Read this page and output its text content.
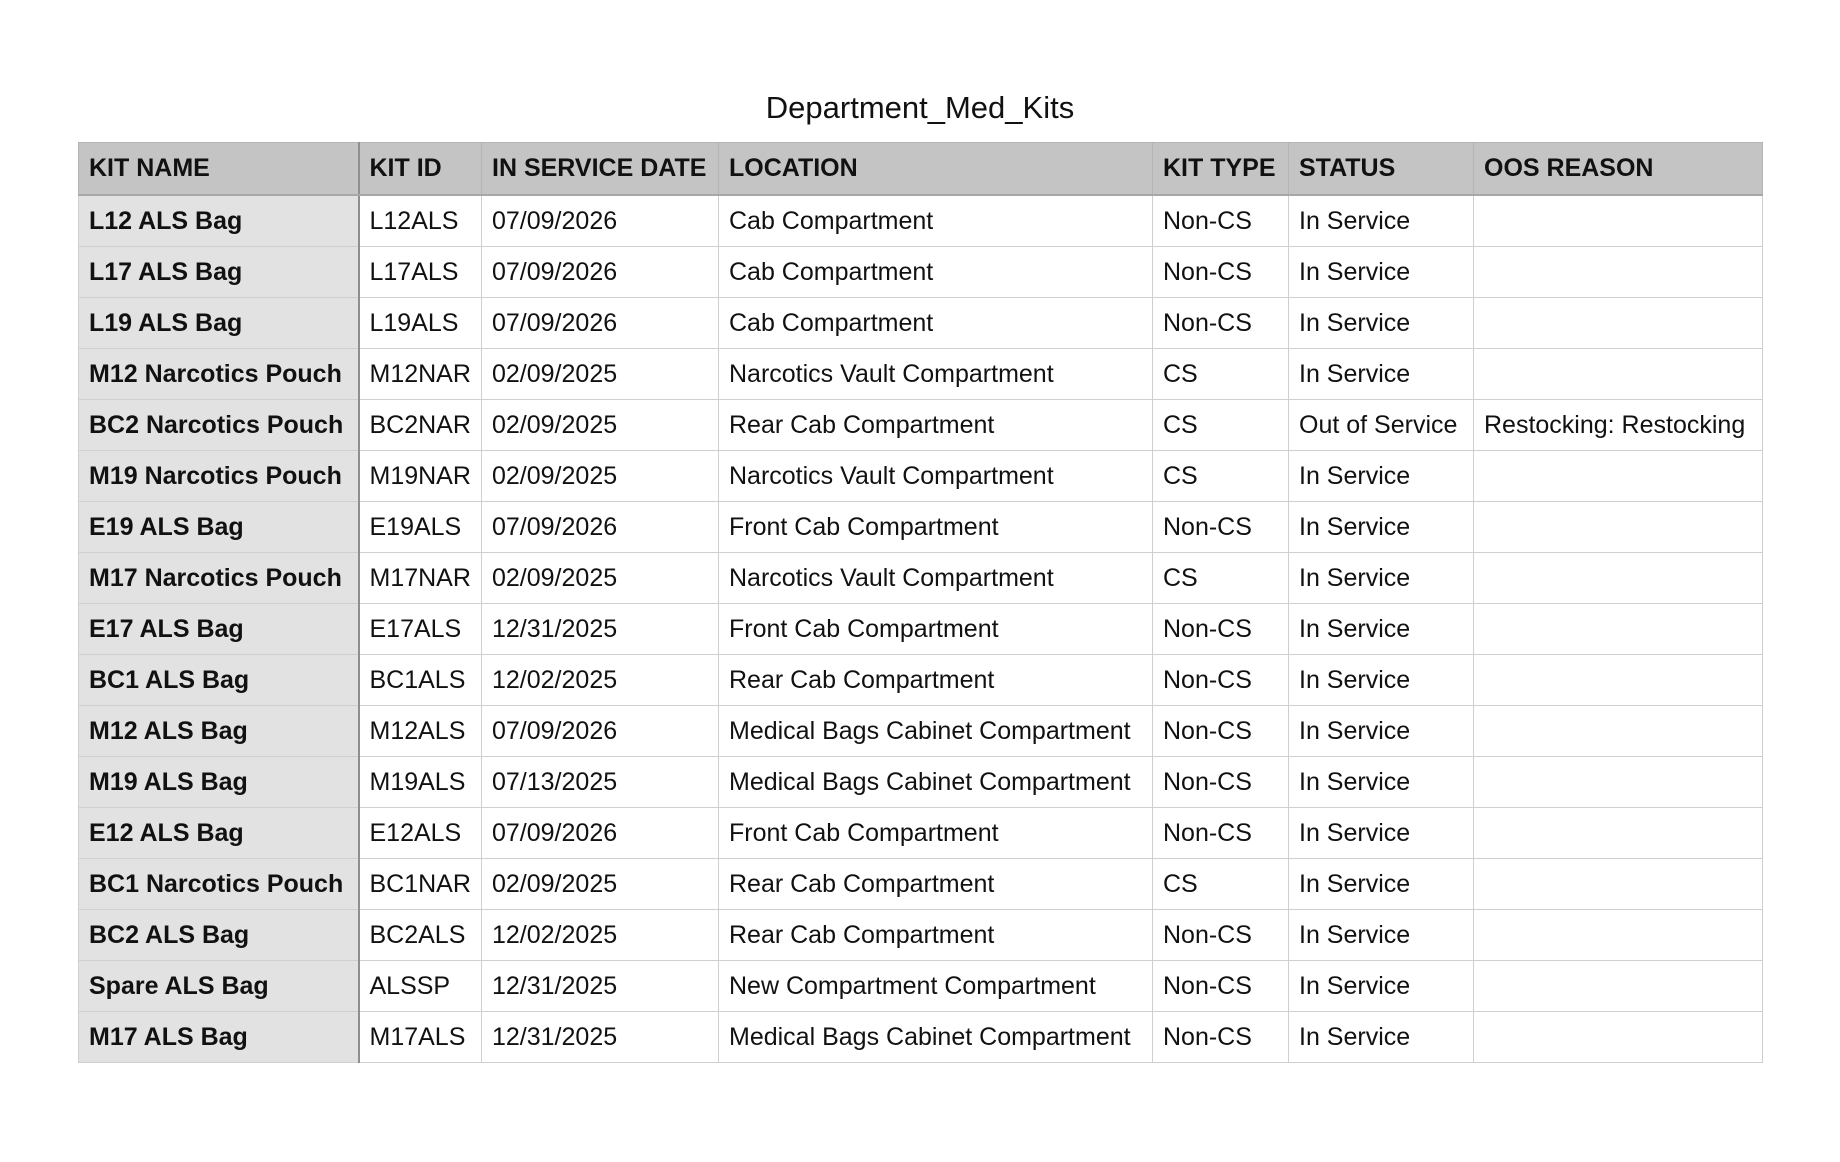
Department_Med_Kits
KIT NAME	KIT ID	IN SERVICE DATE	LOCATION	KIT TYPE	STATUS	OOS REASON
L12 ALS Bag	L12ALS	07/09/2026	Cab Compartment	Non-CS	In Service	
L17 ALS Bag	L17ALS	07/09/2026	Cab Compartment	Non-CS	In Service	
L19 ALS Bag	L19ALS	07/09/2026	Cab Compartment	Non-CS	In Service	
M12 Narcotics Pouch	M12NAR	02/09/2025	Narcotics Vault Compartment	CS	In Service	
BC2 Narcotics Pouch	BC2NAR	02/09/2025	Rear Cab Compartment	CS	Out of Service	Restocking: Restocking
M19 Narcotics Pouch	M19NAR	02/09/2025	Narcotics Vault Compartment	CS	In Service	
E19 ALS Bag	E19ALS	07/09/2026	Front Cab Compartment	Non-CS	In Service	
M17 Narcotics Pouch	M17NAR	02/09/2025	Narcotics Vault Compartment	CS	In Service	
E17 ALS Bag	E17ALS	12/31/2025	Front Cab Compartment	Non-CS	In Service	
BC1 ALS Bag	BC1ALS	12/02/2025	Rear Cab Compartment	Non-CS	In Service	
M12 ALS Bag	M12ALS	07/09/2026	Medical Bags Cabinet Compartment	Non-CS	In Service	
M19 ALS Bag	M19ALS	07/13/2025	Medical Bags Cabinet Compartment	Non-CS	In Service	
E12 ALS Bag	E12ALS	07/09/2026	Front Cab Compartment	Non-CS	In Service	
BC1 Narcotics Pouch	BC1NAR	02/09/2025	Rear Cab Compartment	CS	In Service	
BC2 ALS Bag	BC2ALS	12/02/2025	Rear Cab Compartment	Non-CS	In Service	
Spare ALS Bag	ALSSP	12/31/2025	New Compartment Compartment	Non-CS	In Service	
M17 ALS Bag	M17ALS	12/31/2025	Medical Bags Cabinet Compartment	Non-CS	In Service	
